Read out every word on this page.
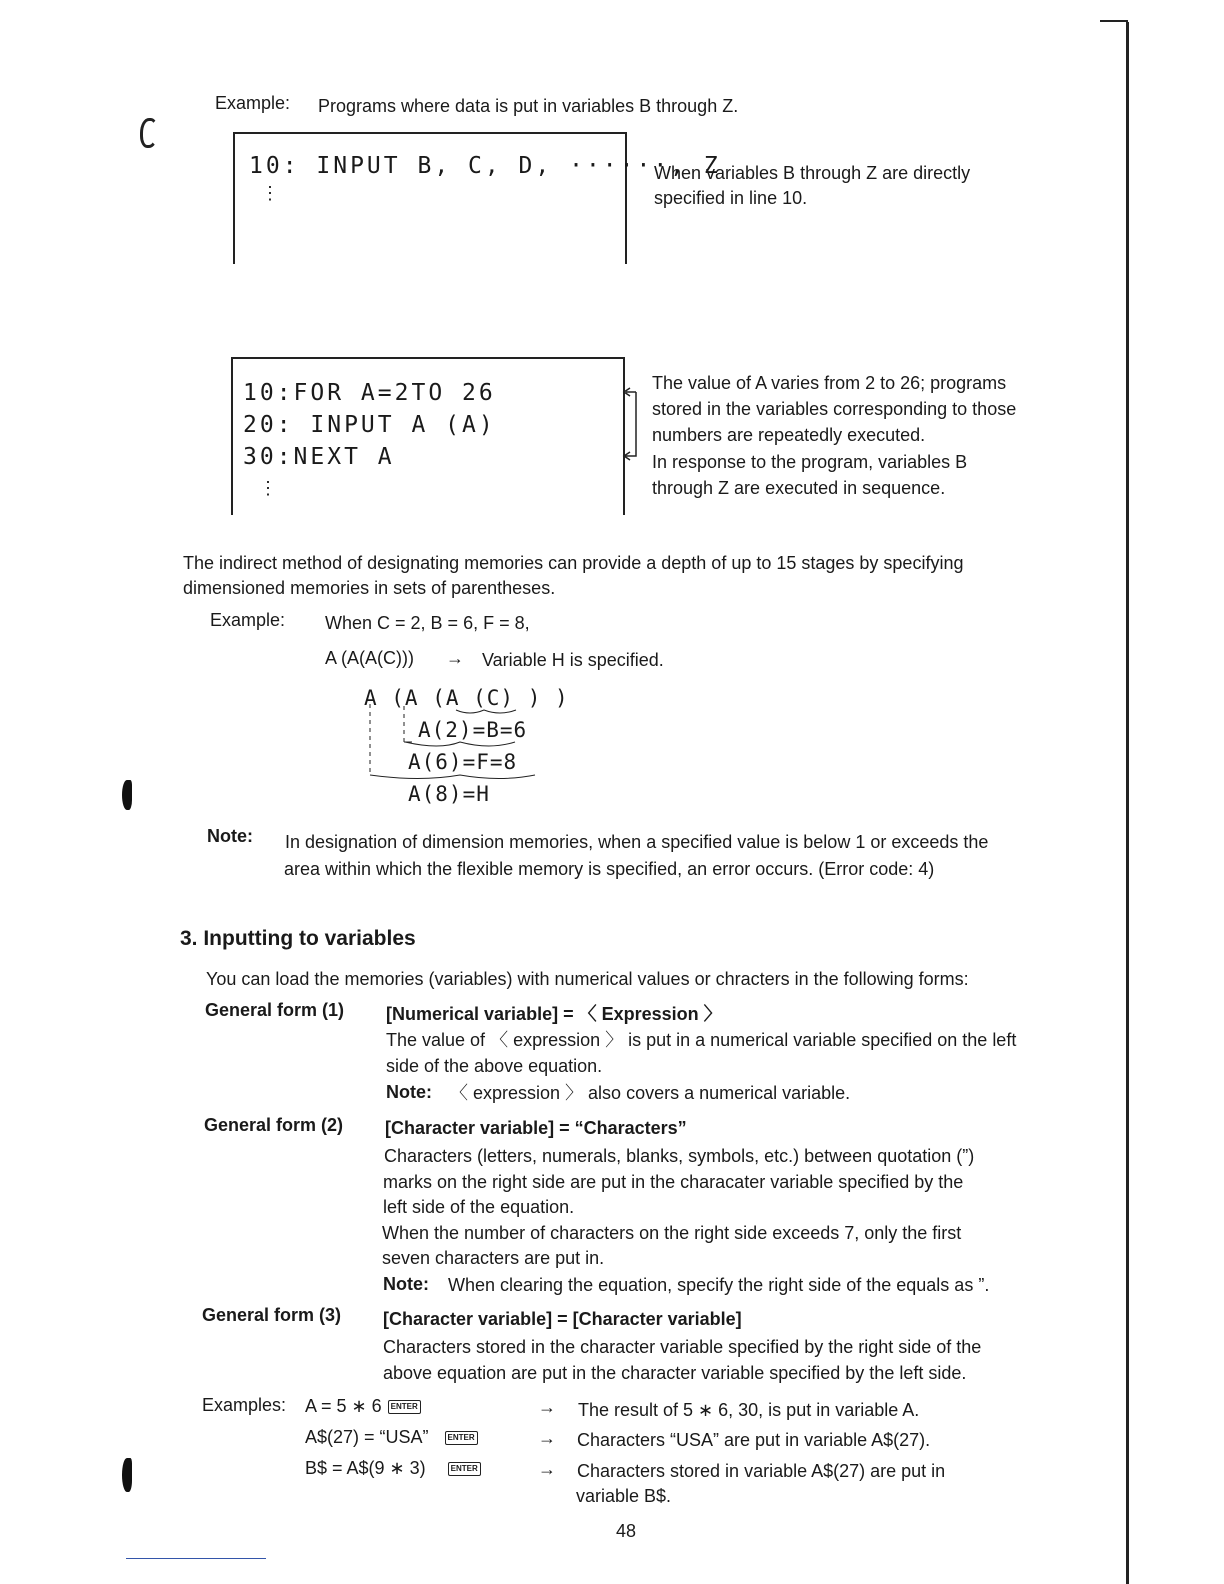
Example: Programs where data is put in variables B through Z.
10: INPUT B, C, D, ······, Z
⋮
When variables B through Z are directly
specified in line 10.
10:FOR A=2TO 26
20: INPUT A (A)
30:NEXT A
⋮
The value of A varies from 2 to 26; programs
stored in the variables corresponding to those
numbers are repeatedly executed.
In response to the program, variables B
through Z are executed in sequence.
The indirect method of designating memories can provide a depth of up to 15 stages by specifying
dimensioned memories in sets of parentheses.
Example: When C = 2, B = 6, F = 8,
A (A(A(C))) → Variable H is specified.
A (A (A (C) ) )
A(2)=B=6
A(6)=F=8
A(8)=H
Note: In designation of dimension memories, when a specified value is below 1 or exceeds the
area within which the flexible memory is specified, an error occurs. (Error code: 4)
3. Inputting to variables
You can load the memories (variables) with numerical values or chracters in the following forms:
General form (1) [Numerical variable] = 〈 Expression 〉
The value of 〈 expression 〉 is put in a numerical variable specified on the left
side of the above equation.
Note: 〈 expression 〉 also covers a numerical variable.
General form (2) [Character variable] = “Characters”
Characters (letters, numerals, blanks, symbols, etc.) between quotation (”)
marks on the right side are put in the characater variable specified by the
left side of the equation.
When the number of characters on the right side exceeds 7, only the first
seven characters are put in.
Note: When clearing the equation, specify the right side of the equals as ”.
General form (3) [Character variable] = [Character variable]
Characters stored in the character variable specified by the right side of the
above equation are put in the character variable specified by the left side.
Examples: A = 5 ∗ 6 ENTER	→ The result of 5 ∗ 6, 30, is put in variable A.
A$(27) = “USA” ENTER	→ Characters “USA” are put in variable A$(27).
B$ = A$(9 ∗ 3)	ENTER	→ Characters stored in variable A$(27) are put in
variable B$.
48
